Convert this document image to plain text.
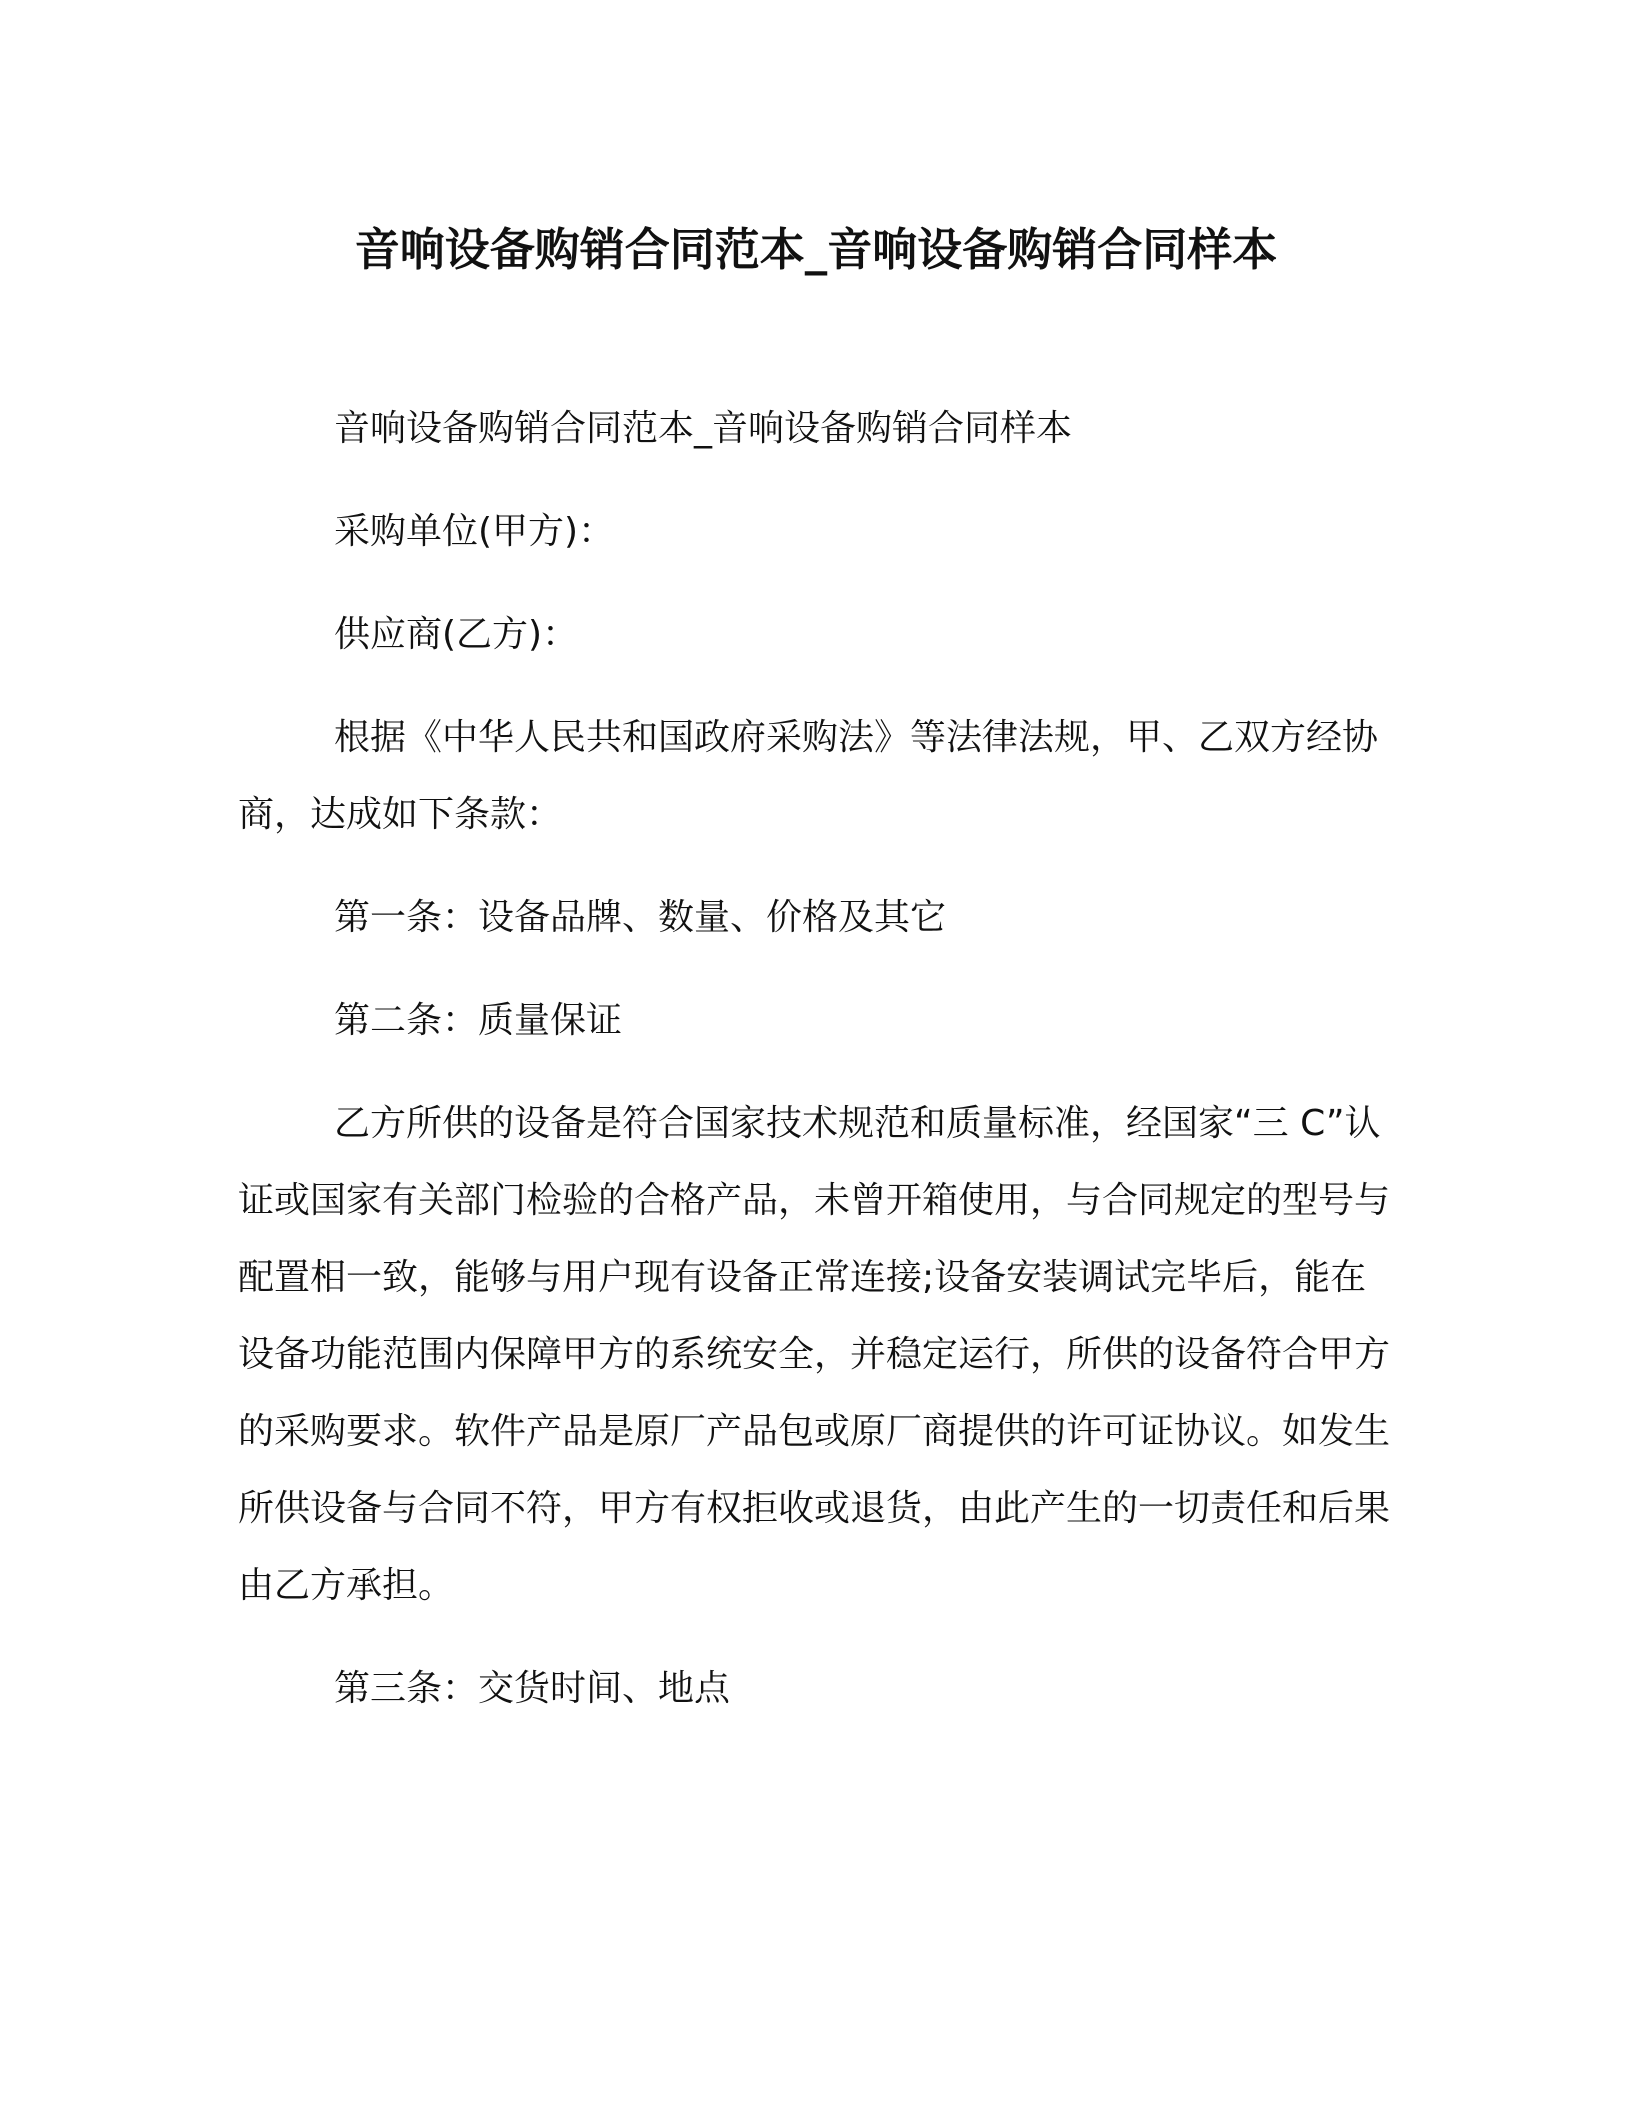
音响设备购销合同范本_音响设备购销合同样本

音响设备购销合同范本_音响设备购销合同样本

采购单位(甲方)：

供应商(乙方)：

根据《中华人民共和国政府采购法》等法律法规，甲、乙双方经协商，达成如下条款：

第一条：设备品牌、数量、价格及其它

第二条：质量保证

乙方所供的设备是符合国家技术规范和质量标准，经国家“三 C”认证或国家有关部门检验的合格产品，未曾开箱使用，与合同规定的型号与配置相一致，能够与用户现有设备正常连接;设备安装调试完毕后，能在设备功能范围内保障甲方的系统安全，并稳定运行，所供的设备符合甲方的采购要求。软件产品是原厂产品包或原厂商提供的许可证协议。如发生所供设备与合同不符，甲方有权拒收或退货，由此产生的一切责任和后果由乙方承担。

第三条：交货时间、地点
